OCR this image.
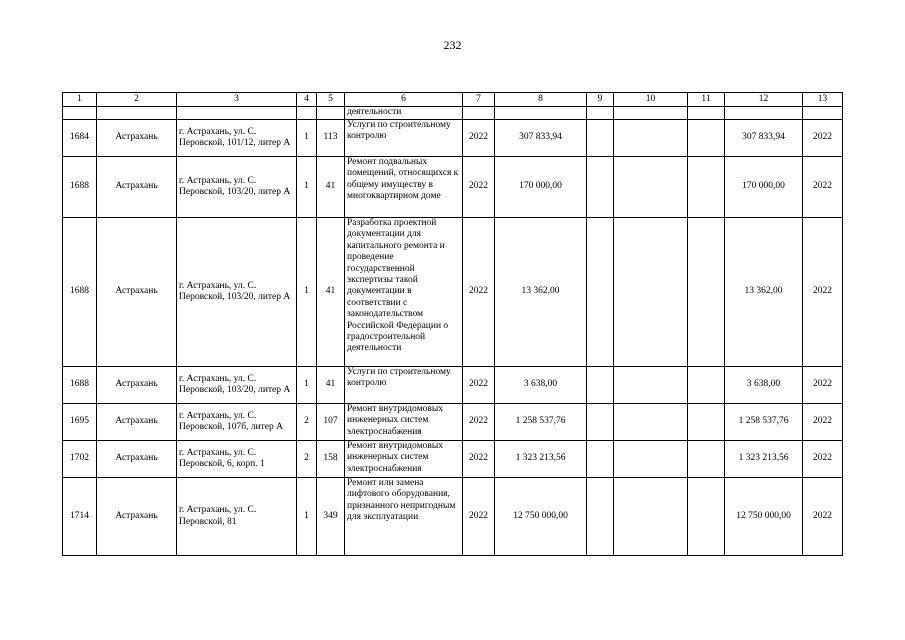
232
1	2	3	4	5	6	7	8	9	10	11	12	13
					деятельности							
1684	Астрахань	г. Астрахань, ул. С. Перовской, 101/12, литер А	1	113	Услуги по строительному контролю	2022	307 833,94				307 833,94	2022
1688	Астрахань	г. Астрахань, ул. С. Перовской, 103/20, литер А	1	41	Ремонт подвальных помещений, относящихся к общему имуществу в многоквартирном доме	2022	170 000,00				170 000,00	2022
1688	Астрахань	г. Астрахань, ул. С. Перовской, 103/20, литер А	1	41	Разработка проектной документации для капитального ремонта и проведение государственной экспертизы такой документации в соответствии с законодательством Российской Федерации о градостроительной деятельности	2022	13 362,00				13 362,00	2022
1688	Астрахань	г. Астрахань, ул. С. Перовской, 103/20, литер А	1	41	Услуги по строительному контролю	2022	3 638,00				3 638,00	2022
1695	Астрахань	г. Астрахань, ул. С. Перовской, 107б, литер А	2	107	Ремонт внутридомовых инженерных систем электроснабжения	2022	1 258 537,76				1 258 537,76	2022
1702	Астрахань	г. Астрахань, ул. С. Перовской, 6, корп. 1	2	158	Ремонт внутридомовых инженерных систем электроснабжения	2022	1 323 213,56				1 323 213,56	2022
1714	Астрахань	г. Астрахань, ул. С. Перовской, 81	1	349	Ремонт или замена лифтового оборудования, признанного непригодным для эксплуатации	2022	12 750 000,00				12 750 000,00	2022
